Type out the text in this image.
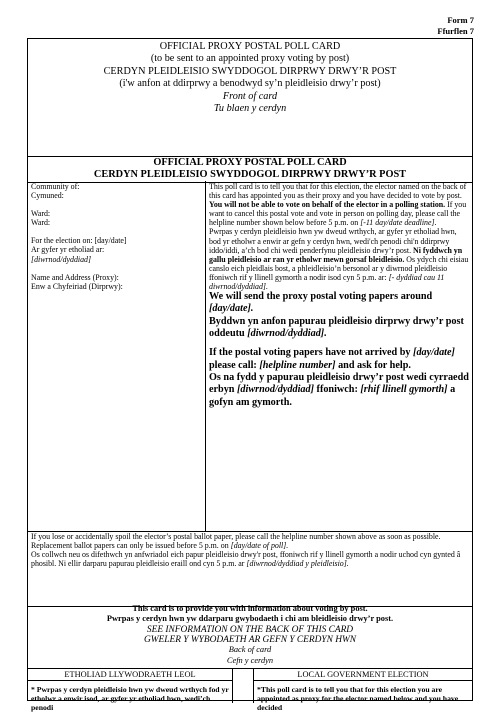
Form 7
Ffurflen 7
OFFICIAL PROXY POSTAL POLL CARD
(to be sent to an appointed proxy voting by post)
CERDYN PLEIDLEISIO SWYDDOGOL DIRPRWY DRWY’R POST
(i'w anfon at ddirprwy a benodwyd sy’n pleidleisio drwy’r post)
Front of card
Tu blaen y cerdyn
OFFICIAL PROXY POSTAL POLL CARD
CERDYN PLEIDLEISIO SWYDDOGOL DIRPRWY DRWY’R POST
Community of:
Cymuned:
Ward:
Ward:
For the election on: [day/date]
Ar gyfer yr etholiad ar:
[diwrnod/dyddiad]
Name and Address (Proxy):
Enw a Chyfeiriad (Dirprwy):
This poll card is to tell you that for this election, the elector named on the back of this card has appointed you as their proxy and you have decided to vote by post. You will not be able to vote on behalf of the elector in a polling station. If you want to cancel this postal vote and vote in person on polling day, please call the helpline number shown below before 5 p.m. on [-11 day/date deadline].
Pwrpas y cerdyn pleidleisio hwn yw dweud wrthych, ar gyfer yr etholiad hwn, bod yr etholwr a enwir ar gefn y cerdyn hwn, wedi'ch penodi chi'n ddirprwy iddo/iddi, a’ch bod chi wedi penderfynu pleidleisio drwy’r post. Ni fyddwch yn gallu pleidleisio ar ran yr etholwr mewn gorsaf bleidleisio. Os ydych chi eisiau canslo eich pleidlais bost, a phleidleisio’n bersonol ar y diwrnod pleidleisio ffoniwch rif y llinell gymorth a nodir isod cyn 5 p.m. ar: [- dyddiad cau 11 diwrnod/dyddiad].
We will send the proxy postal voting papers around [day/date].
Byddwn yn anfon papurau pleidleisio dirprwy drwy’r post oddeutu [diwrnod/dyddiad].
If the postal voting papers have not arrived by [day/date] please call: [helpline number] and ask for help.
Os na fydd y papurau pleidleisio drwy’r post wedi cyrraedd erbyn [diwrnod/dyddiad] ffoniwch: [rhif llinell gymorth] a gofyn am gymorth.
If you lose or accidentally spoil the elector’s postal ballot paper, please call the helpline number shown above as soon as possible. Replacement ballot papers can only be issued before 5 p.m. on [day/date of poll].
Os collwch neu os difethwch yn anfwriadol eich papur pleidleisio drwy'r post, ffoniwch rif y llinell gymorth a nodir uchod cyn gynted â phosibl. Ni ellir darparu papurau pleidleisio eraill ond cyn 5 p.m. ar [diwrnod/dyddiad y pleidleisio].
This card is to provide you with information about voting by post.
Pwrpas y cerdyn hwn yw ddarparu gwybodaeth i chi am bleidleisio drwy’r post.
SEE INFORMATION ON THE BACK OF THIS CARD
GWELER Y WYBODAETH AR GEFN Y CERDYN HWN
Back of card
Cefn y cerdyn
ETHOLIAD LLYWODRAETH LEOL
* Pwrpas y cerdyn pleidleisio hwn yw dweud wrthych fod yr etholwr a enwir isod, ar gyfer yr etholiad hwn, wedi’ch penodi
LOCAL GOVERNMENT ELECTION
*This poll card is to tell you that for this election you are appointed as proxy for the elector named below and you have decided
